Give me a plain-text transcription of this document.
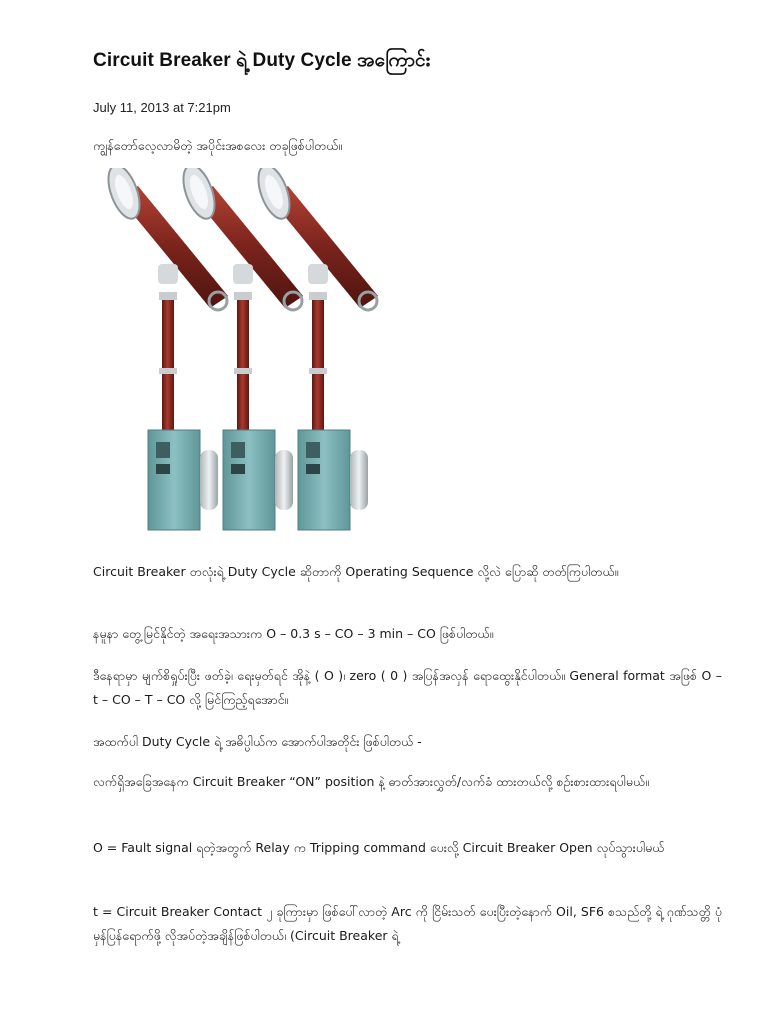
Circuit Breaker ရဲ့ Duty Cycle အကြောင်း
July 11, 2013 at 7:21pm
ကျွန်တော်လေ့လာမိတဲ့ အပိုင်းအစလေး တခုဖြစ်ပါတယ်။
Circuit Breaker တလုံးရဲ့ Duty Cycle ဆိုတာကို Operating Sequence လို့လဲ ပြောဆို တတ်ကြပါတယ်။
နမူနာ တွေ့မြင်နိုင်တဲ့ အရေးအသားက O – 0.3 s – CO – 3 min – CO ဖြစ်ပါတယ်။
ဒီနေရာမှာ မျက်စိရှုပ်းပြီး ဖတ်ခဲ့၊ ရေးမှတ်ရင် အိုနဲ့ ( O )၊ zero ( 0 ) အပြန်အလှန် ရောထွေးနိုင်ပါတယ်။ General format အဖြစ် O – t – CO – T – CO လို့ မြင်ကြည့်ရအောင်။
အထက်ပါ Duty Cycle ရဲ့ အဓိပ္ပါယ်က အောက်ပါအတိုင်း ဖြစ်ပါတယ် -
လက်ရှိအခြေအနေက Circuit Breaker “ON” position နဲ့ ဓာတ်အားလွှတ်/လက်ခံ ထားတယ်လို့ စဥ်းစားထားရပါမယ်။
O = Fault signal ရတဲ့အတွက် Relay က Tripping command ပေးလို့ Circuit Breaker Open လုပ်သွားပါမယ်
t = Circuit Breaker Contact ၂ ခုကြားမှာ ဖြစ်ပေါ်လာတဲ့ Arc ကို ငြိမ်းသတ် ပေးပြီးတဲ့နောက် Oil, SF6 စသည်တို့ ရဲ့ ဂုဏ်သတ္တိ ပုံမှန်ပြန်ရောက်ဖို့ လိုအပ်တဲ့အချိန်ဖြစ်ပါတယ်၊ (Circuit Breaker ရဲ့
